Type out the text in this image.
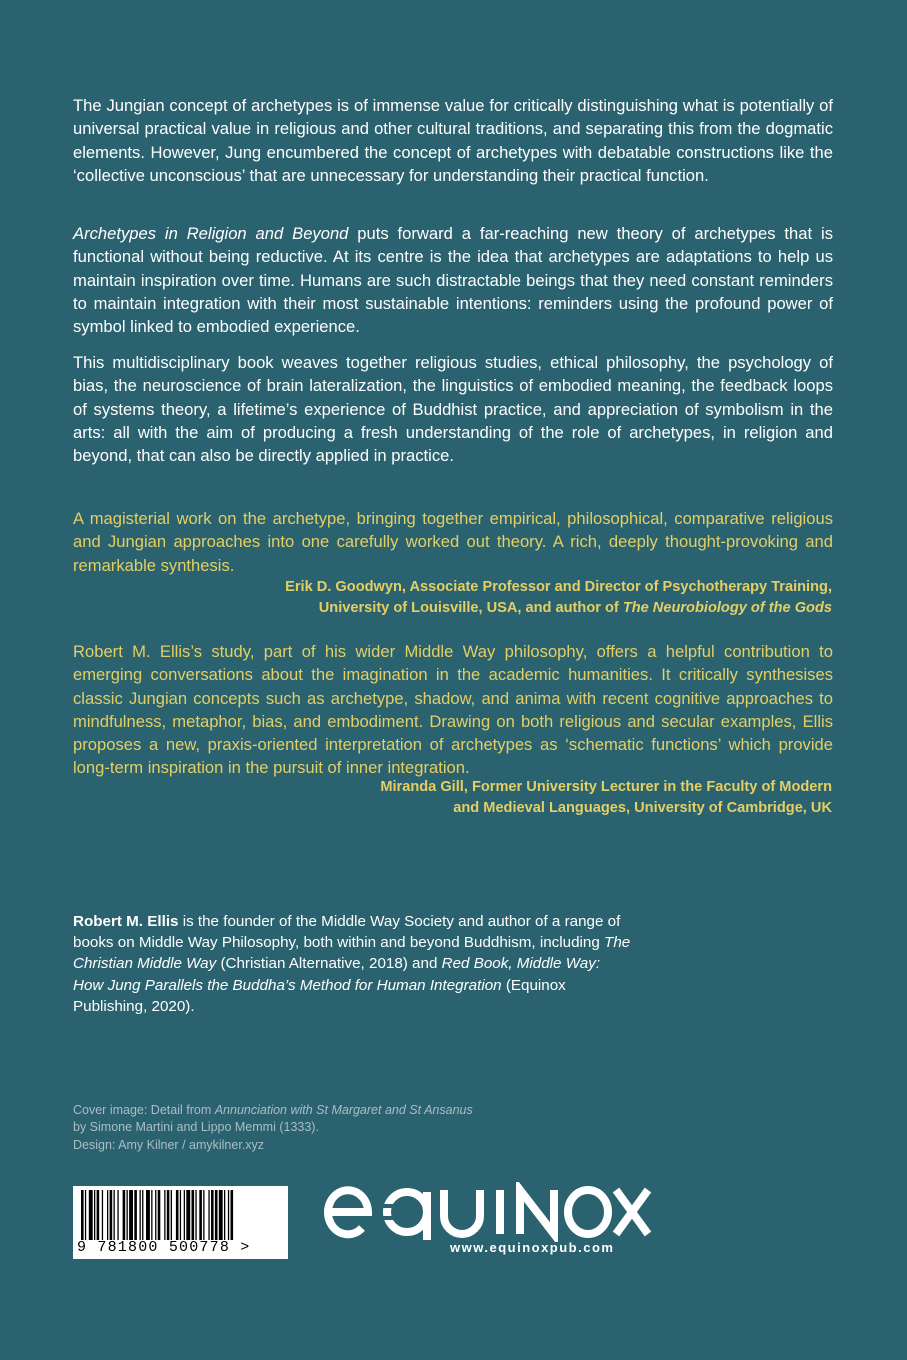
The Jungian concept of archetypes is of immense value for critically distinguishing what is potentially of universal practical value in religious and other cultural traditions, and separating this from the dogmatic elements. However, Jung encumbered the concept of archetypes with debatable constructions like the ‘collective unconscious’ that are unnecessary for understanding their practical function.

Archetypes in Religion and Beyond puts forward a far-reaching new theory of archetypes that is functional without being reductive. At its centre is the idea that archetypes are adaptations to help us maintain inspiration over time. Humans are such distractable beings that they need constant reminders to maintain integration with their most sustainable intentions: reminders using the profound power of symbol linked to embodied experience.

This multidisciplinary book weaves together religious studies, ethical philosophy, the psychology of bias, the neuroscience of brain lateralization, the linguistics of embodied meaning, the feedback loops of systems theory, a lifetime’s experience of Buddhist practice, and appreciation of symbolism in the arts: all with the aim of producing a fresh understanding of the role of archetypes, in religion and beyond, that can also be directly applied in practice.

A magisterial work on the archetype, bringing together empirical, philosophical, comparative religious and Jungian approaches into one carefully worked out theory. A rich, deeply thought-provoking and remarkable synthesis.

Erik D. Goodwyn, Associate Professor and Director of Psychotherapy Training,
University of Louisville, USA, and author of The Neurobiology of the Gods

Robert M. Ellis’s study, part of his wider Middle Way philosophy, offers a helpful contribution to emerging conversations about the imagination in the academic humanities. It critically synthesises classic Jungian concepts such as archetype, shadow, and anima with recent cognitive approaches to mindfulness, metaphor, bias, and embodiment. Drawing on both religious and secular examples, Ellis proposes a new, praxis-oriented interpretation of archetypes as ‘schematic functions’ which provide long-term inspiration in the pursuit of inner integration.

Miranda Gill, Former University Lecturer in the Faculty of Modern
and Medieval Languages, University of Cambridge, UK

Robert M. Ellis is the founder of the Middle Way Society and author of a range of books on Middle Way Philosophy, both within and beyond Buddhism, including The Christian Middle Way (Christian Alternative, 2018) and Red Book, Middle Way: How Jung Parallels the Buddha’s Method for Human Integration (Equinox Publishing, 2020).

Cover image: Detail from Annunciation with St Margaret and St Ansanus
by Simone Martini and Lippo Memmi (1333).
Design: Amy Kilner / amykilner.xyz

9 781800 500778 >	www.equinoxpub.com
